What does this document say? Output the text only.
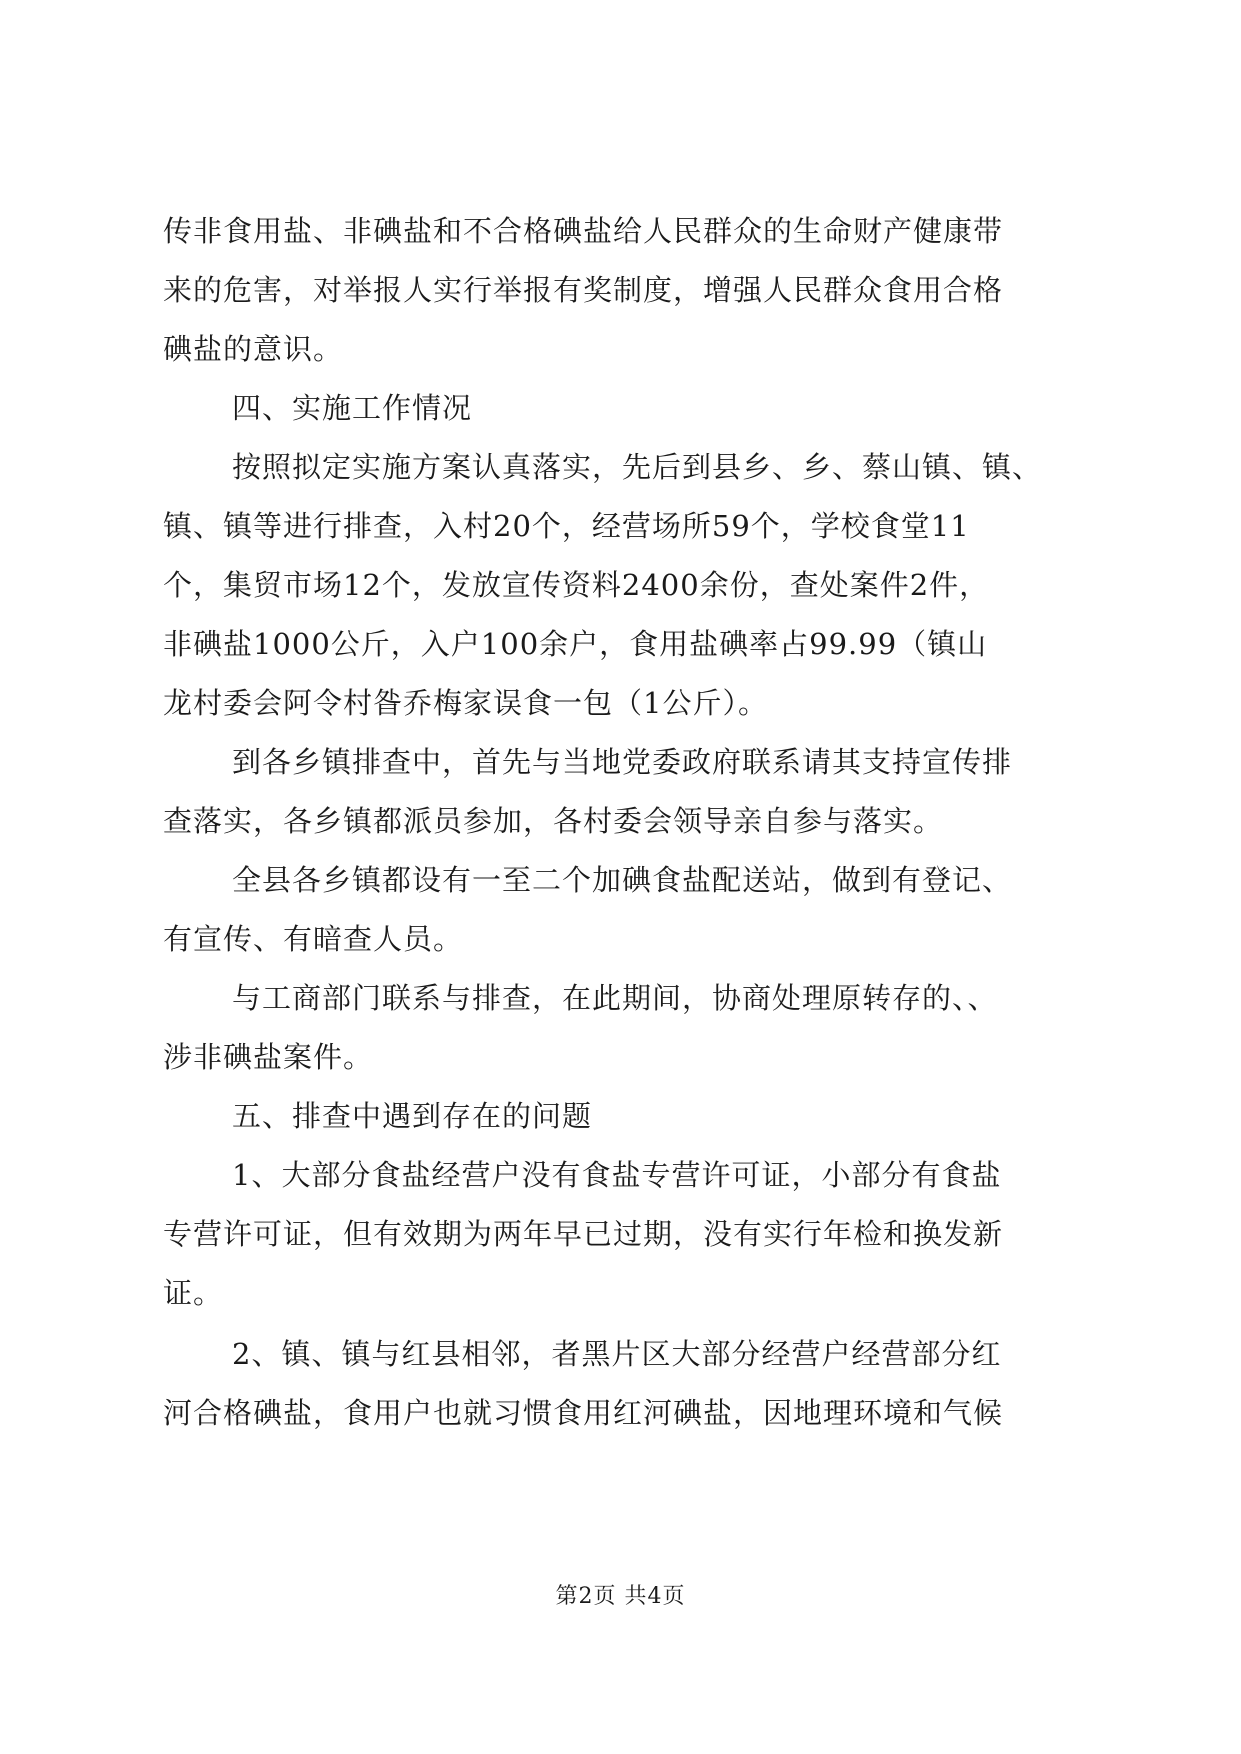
传非食用盐、非碘盐和不合格碘盐给人民群众的生命财产健康带
来的危害，对举报人实行举报有奖制度，增强人民群众食用合格
碘盐的意识。
四、实施工作情况
按照拟定实施方案认真落实，先后到县乡、乡、蔡山镇、镇、
镇、镇等进行排查，入村20个，经营场所59个，学校食堂11
个，集贸市场12个，发放宣传资料2400余份，查处案件2件，
非碘盐1000公斤，入户100余户，食用盐碘率占99.99（镇山
龙村委会阿令村昝乔梅家误食一包（1公斤）。
到各乡镇排查中，首先与当地党委政府联系请其支持宣传排
查落实，各乡镇都派员参加，各村委会领导亲自参与落实。
全县各乡镇都设有一至二个加碘食盐配送站，做到有登记、
有宣传、有暗查人员。
与工商部门联系与排查，在此期间，协商处理原转存的、、
涉非碘盐案件。
五、排查中遇到存在的问题
1、大部分食盐经营户没有食盐专营许可证，小部分有食盐
专营许可证，但有效期为两年早已过期，没有实行年检和换发新
证。
2、镇、镇与红县相邻，者黑片区大部分经营户经营部分红
河合格碘盐，食用户也就习惯食用红河碘盐，因地理环境和气候
第2页 共4页
